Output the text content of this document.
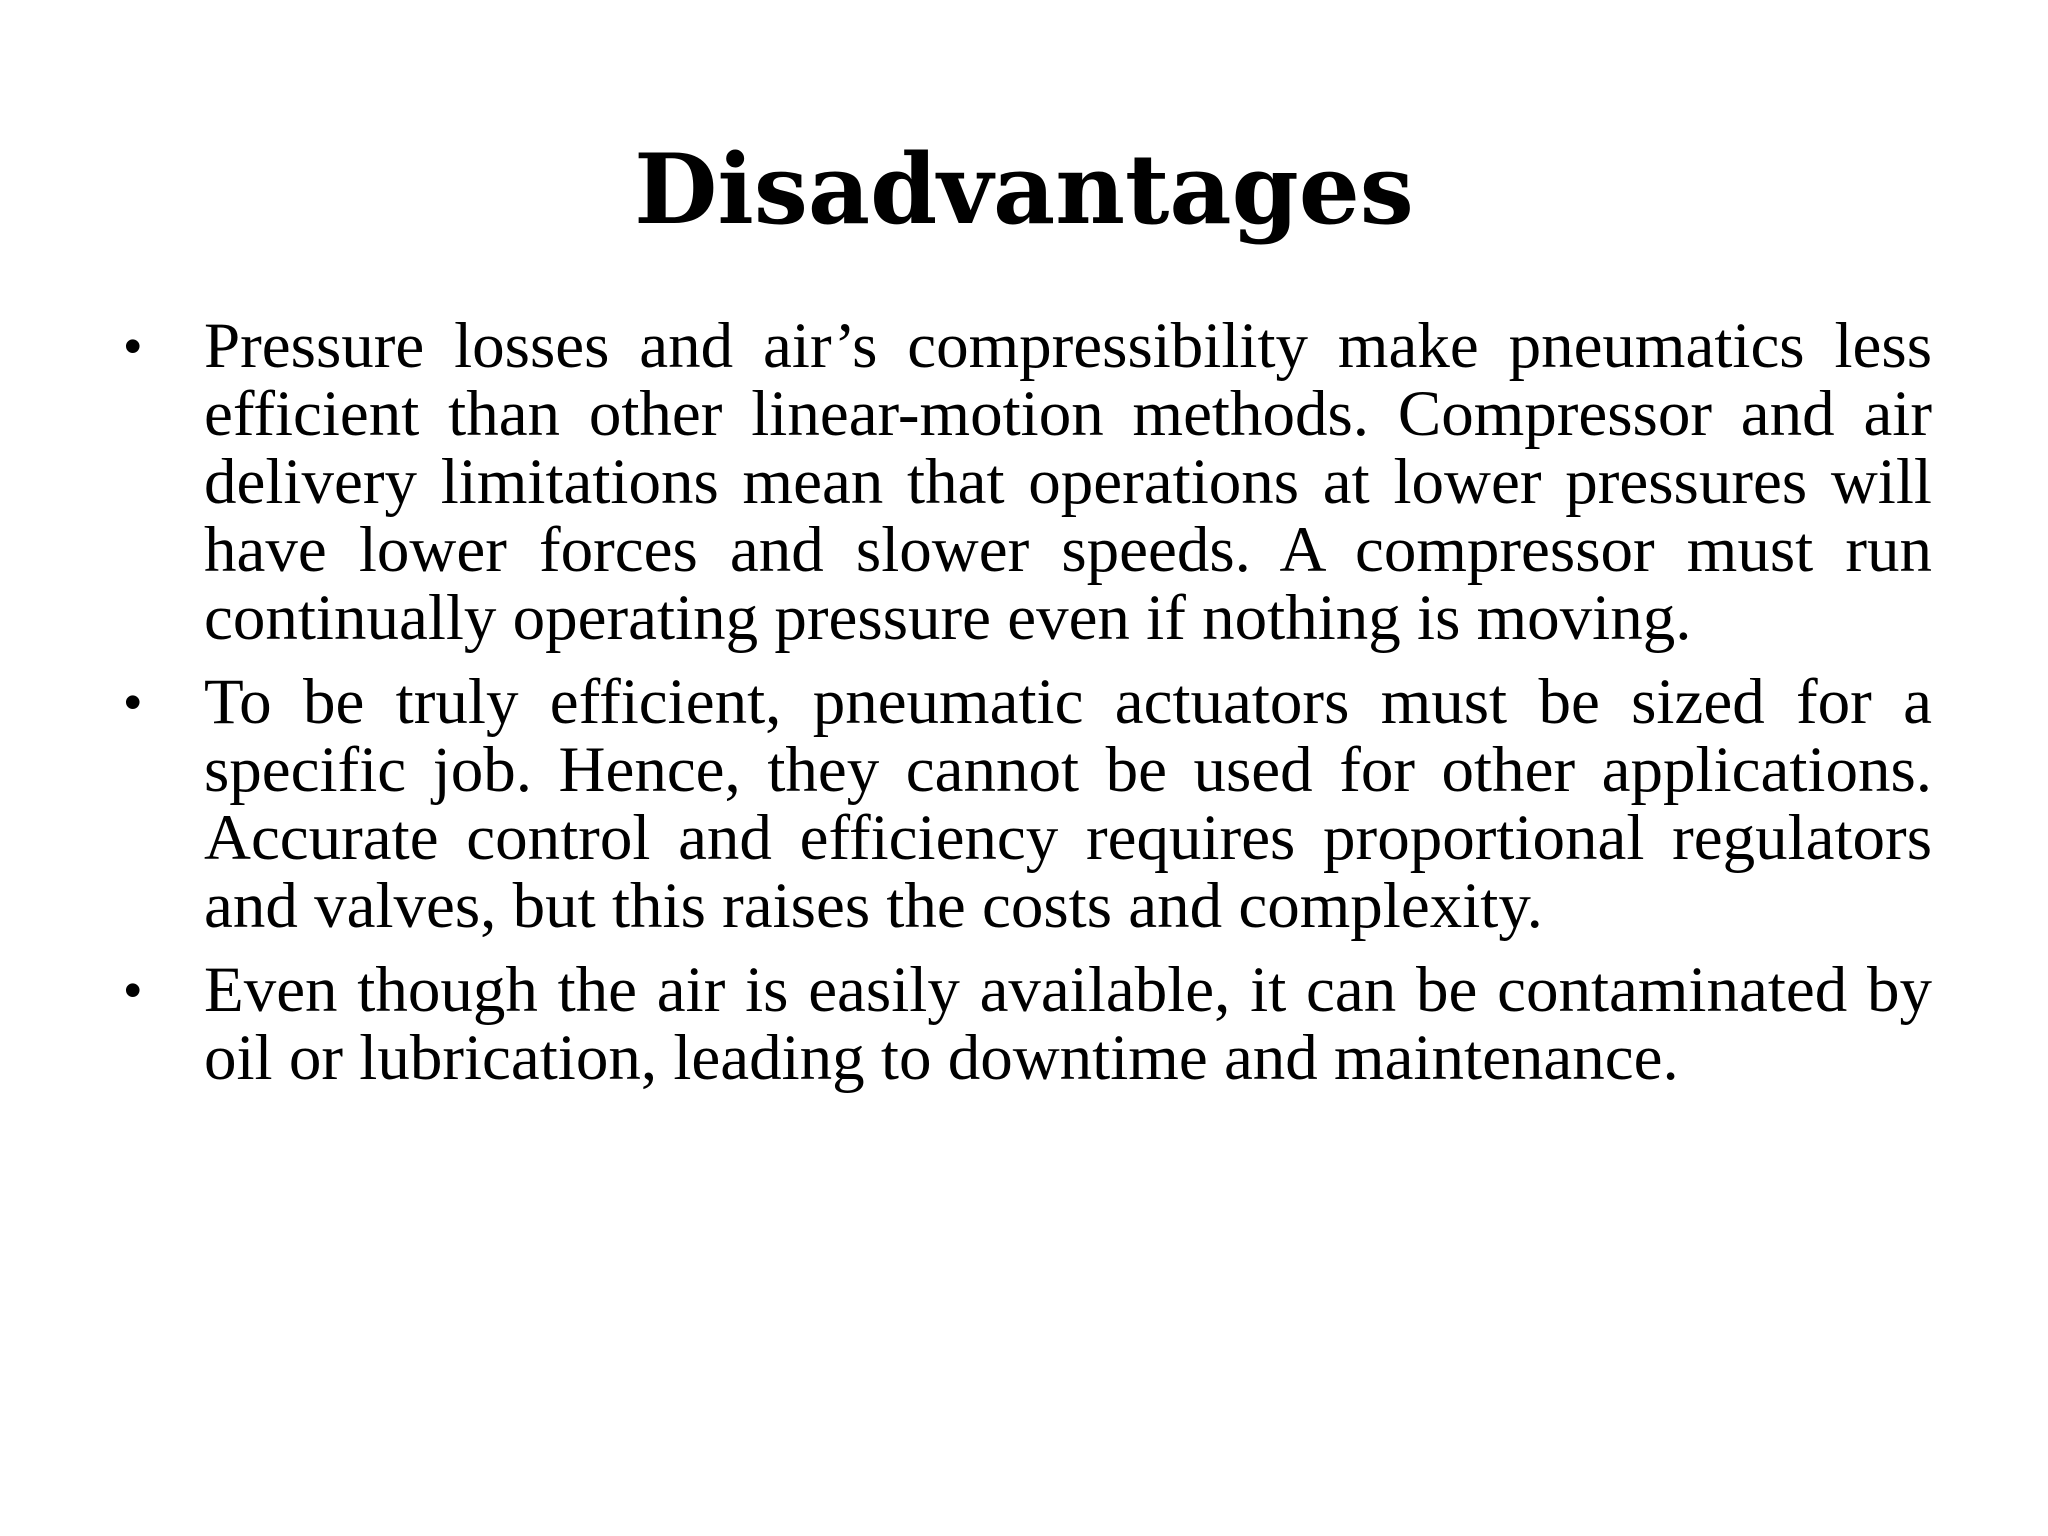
Disadvantages
• Pressure losses and air’s compressibility make pneumatics less efficient than other linear-motion methods. Compressor and air delivery limitations mean that operations at lower pressures will have lower forces and slower speeds. A compressor must run continually operating pressure even if nothing is moving.
• To be truly efficient, pneumatic actuators must be sized for a specific job. Hence, they cannot be used for other applications. Accurate control and efficiency requires proportional regulators and valves, but this raises the costs and complexity.
• Even though the air is easily available, it can be contaminated by oil or lubrication, leading to downtime and maintenance.
